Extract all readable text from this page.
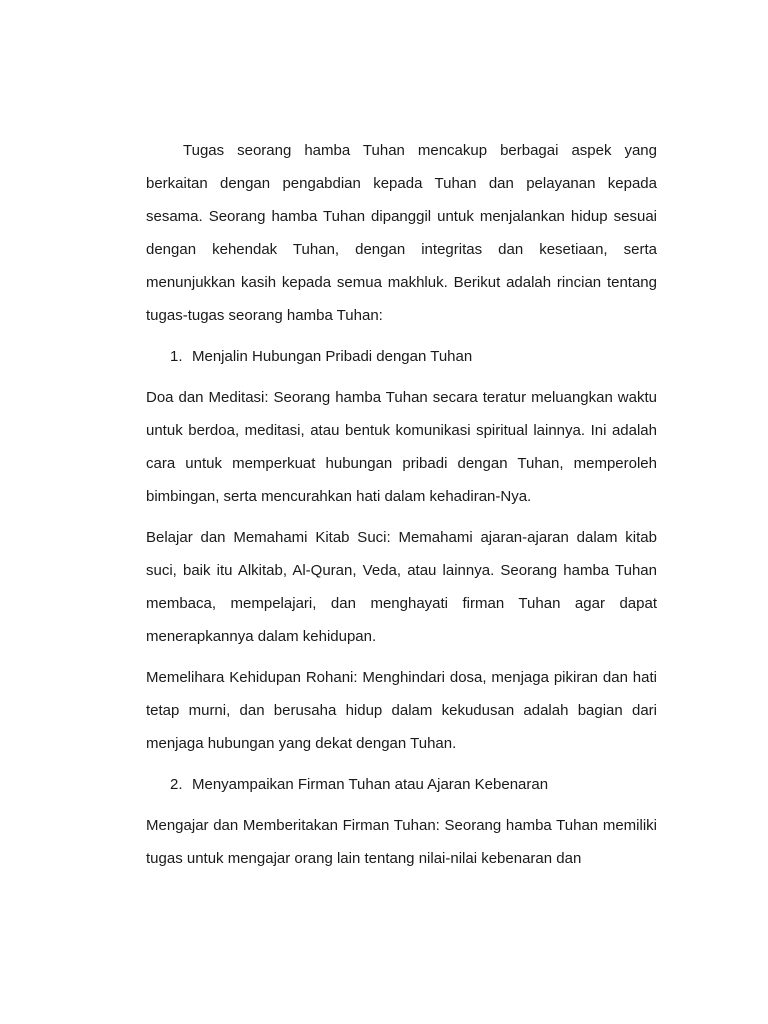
Tugas seorang hamba Tuhan mencakup berbagai aspek yang berkaitan dengan pengabdian kepada Tuhan dan pelayanan kepada sesama. Seorang hamba Tuhan dipanggil untuk menjalankan hidup sesuai dengan kehendak Tuhan, dengan integritas dan kesetiaan, serta menunjukkan kasih kepada semua makhluk. Berikut adalah rincian tentang tugas-tugas seorang hamba Tuhan:

1. Menjalin Hubungan Pribadi dengan Tuhan

Doa dan Meditasi: Seorang hamba Tuhan secara teratur meluangkan waktu untuk berdoa, meditasi, atau bentuk komunikasi spiritual lainnya. Ini adalah cara untuk memperkuat hubungan pribadi dengan Tuhan, memperoleh bimbingan, serta mencurahkan hati dalam kehadiran-Nya.

Belajar dan Memahami Kitab Suci: Memahami ajaran-ajaran dalam kitab suci, baik itu Alkitab, Al-Quran, Veda, atau lainnya. Seorang hamba Tuhan membaca, mempelajari, dan menghayati firman Tuhan agar dapat menerapkannya dalam kehidupan.

Memelihara Kehidupan Rohani: Menghindari dosa, menjaga pikiran dan hati tetap murni, dan berusaha hidup dalam kekudusan adalah bagian dari menjaga hubungan yang dekat dengan Tuhan.

2. Menyampaikan Firman Tuhan atau Ajaran Kebenaran

Mengajar dan Memberitakan Firman Tuhan: Seorang hamba Tuhan memiliki tugas untuk mengajar orang lain tentang nilai-nilai kebenaran dan
